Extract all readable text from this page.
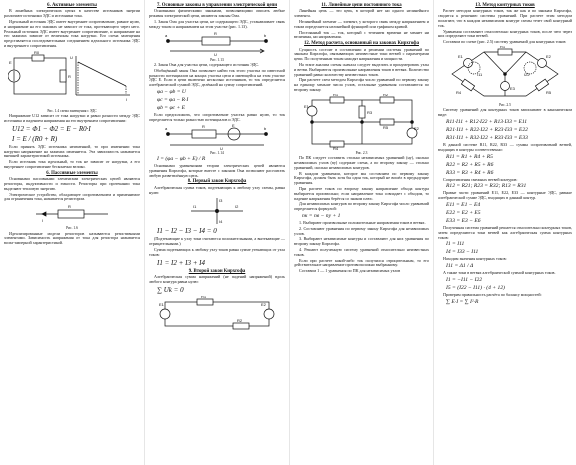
6. Активные элементы
В линейных электрических цепях в качестве источников энергии различают источники ЭДС и источники тока.
Идеальный источник ЭДС имеет внутреннее сопротивление, равное нулю, и напряжение на его зажимах не зависит от тока, протекающего через него. Реальный источник ЭДС имеет внутреннее сопротивление, и напряжение на его зажимах зависит от величины тока нагрузки. Его схема замещения представляется последовательным соединением идеального источника ЭДС и внутреннего сопротивления.
E
R0
R
U
I
Рис. 1.4 схема замещения с ЭДС
Напряжение U12 зависит от тока нагрузки и равно разности между ЭДС источника и падением напряжения на его внутреннем сопротивлении:
U12 = Φ1 − Φ2 = E − R0·I
I = E / (R0 + R)
Если принять ЭДС источника неизменной, то при изменении тока нагрузки напряжение на зажимах изменяется. Эта зависимость называется внешней характеристикой источника.
Если источник тока идеальный, то ток не зависит от нагрузки, а его внутреннее сопротивление бесконечно велико.
6. Пассивные элементы
Основными пассивными элементами электрических цепей являются резисторы, индуктивности и емкости. Резисторы при протекании тока выделяют тепловую энергию.
Электрическое устройство, обладающее сопротивлением и применяемое для ограничения тока, называется резистором.
R
I
Рис. 1.6
Идеализированные модели резисторов называются резистивными элементами. Зависимость напряжения от тока для резистора называется вольт-амперной характеристикой.
7. Основные законы в управлении электрической цепи
Основными физическими законами, позволяющими описать любые режимы электрической цепи, являются законы Ома.
1. Закон Ома для участка цепи, не содержащего ЭДС, устанавливает связь между током и напряжением на этом участке (рис. 1.13).
a	b
R
U
Рис. 1.13
2. Закон Ома для участка цепи, содержащего источник ЭДС.
Обобщённый закон Ома позволяет найти ток этого участка по известной разности потенциалов на концах участка цепи и имеющейся на этом участке ЭДС Е. Если в цепи включено несколько источников, то ток определяется алгебраической суммой ЭДС, делённой на сумму сопротивлений.
φa − φb = U
φc = φa − R·I
φb = φc + E
Если предположить, что сопротивление участка равно нулю, то ток определяется только разностью потенциалов и ЭДС.
a	b
R	E
U
Рис. 1.14
I = (φa − φb + E) / R
Основными уравнениями теории электрических цепей являются уравнения Кирхгофа, которые вместе с законом Ома позволяют рассчитать любую разветвлённую цепь.
8. Первый закон Кирхгофа
Алгебраическая сумма токов, подтекающих к любому узлу схемы, равна нулю:
I1	I2
I3
I4
I1 − I2 − I3 − I4 = 0
(Подтекающие к узлу токи считаются положительными, а вытекающие — отрицательными.)
Сумма подтекающих к любому узлу токов равна сумме утекающих от узла токов:
I1 = I2 + I3 + I4
9. Второй закон Кирхгофа
Алгебраическая сумма напряжений (не падений напряжений) вдоль любого контура равна нулю:
∑ Uk = 0
E1
R1
R2
E2
11. Линейные цепи постоянного тока
Линейная цепь — это цепь, в которой нет ни одного нелинейного элемента.
Нелинейный элемент — элемент, у которого связь между напряжением и током определяется нелинейной функцией или графиком кривой.
Постоянный ток — ток, который с течением времени не меняет ни величины, ни направления.
12. Метод расчета, основанный на законах Кирхгофа
Сущность состоит в составлении и решении системы уравнений по законам Кирхгофа, связывающих неизвестные токи ветвей с параметрами цепи. По полученным токам находят напряжения и мощности.
На этапе анализа схемы сначала следует выделить и пронумеровать узлы и ветви. Выбираются произвольные направления токов в ветвях. Количество уравнений равно количеству неизвестных токов.
При расчете схем методом Кирхгофа число уравнений по первому закону на единицу меньше числа узлов, остальные уравнения составляются по второму закону.
E1
E2
R1	R2
R3
R4
R5
Рис. 2.3
По ПК следует составить столько независимых уравнений (ну), сколько независимых узлов (nу) содержит схема, а по второму закону — столько уравнений, сколько независимых контуров.
В каждом уравнении, которое мы составляем по первому закону Кирхгофа, должен быть хотя бы один ток, который не вошёл в предыдущие уравнения.
При расчете токов по второму закону направление обхода контура выбирается произвольно; если направление тока совпадает с обходом, то падение напряжения берётся со знаком плюс.
Для независимых контуров по второму закону Кирхгофа число уравнений определяется формулой:
nк = nв − nу + 1
1. Выбирают произвольные положительные направления токов в ветвях.
2. Составляют уравнения по первому закону Кирхгофа для независимых узлов.
3. Выбирают независимые контуры и составляют для них уравнения по второму закону Кирхгофа.
4. Решают полученную систему уравнений относительно неизвестных токов.
Если при расчете какой-либо ток получился отрицательным, то его действительное направление противоположно выбранному.
Составим 1 — 1 уравнения по ПК для независимых узлов
13. Метод контурных токов
Расчет методом контурных токов, так же как и по законам Кирхгофа, сводится к решению системы уравнений. При расчете этим методом полагают, что в каждом независимом контуре схемы течет свой контурный ток.
Уравнения составляют относительно контурных токов, после чего через них определяют токи ветвей.
Составим по схеме (рис. 2.5) систему уравнений для контурных токов:
E1	E2
E3
R1
R4	R5
I11	I22
Рис. 2.5
Систему уравнений для контурных токов записывают в каноническом виде:
R11·I11 + R12·I22 + R13·I33 = E11
R21·I11 + R22·I22 + R23·I33 = E22
R31·I11 + R32·I22 + R33·I33 = E33
В данной системе R11, R22, R33 — суммы сопротивлений ветвей, входящих в контуры соответственно:
R11 = R1 + R4 + R5
R22 = R2 + R5 + R6
R33 = R3 + R4 + R6
Сопротивления смежных ветвей контуров:
R12 = R21; R23 = R32; R13 = R31
Правые части уравнений E11, E22, E33 — контурные ЭДС, равные алгебраической сумме ЭДС, входящих в данный контур.
E11 = E1 − E4
E22 = E2 + E5
E33 = E3 − E6
Полученная система уравнений решается относительно контурных токов, затем определяются токи ветвей как алгебраическая сумма контурных токов:
I1 = I11
I4 = I33 − I11
Находим значения контурных токов:
I11 = Δ1 / Δ
А также токи в ветвях алгебраической суммой контурных токов.
I1 = −I11 − I22
I5 = (I22 − I11) · (4 + 12)
Проверим правильность расчёта по балансу мощностей:
∑ E·I = ∑ I²·R
